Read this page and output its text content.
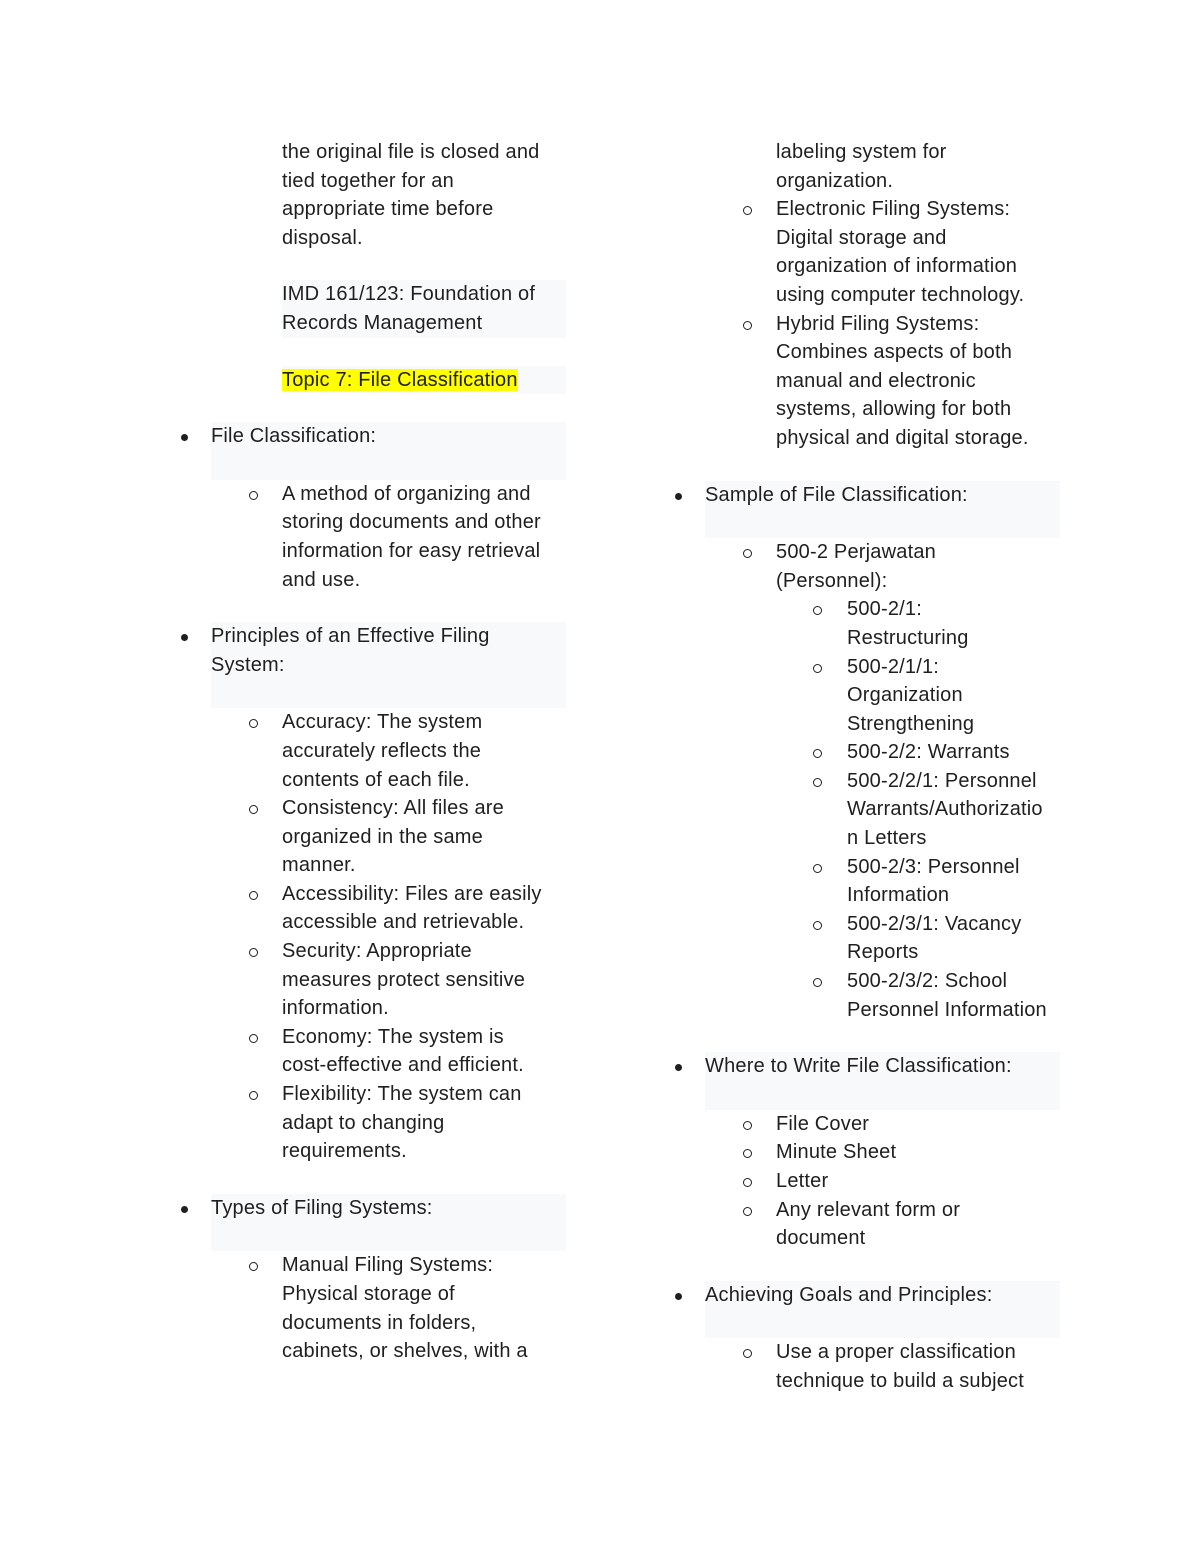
the original file is closed and
tied together for an
appropriate time before
disposal.
IMD 161/123: Foundation of
Records Management
Topic 7: File Classification
File Classification:
A method of organizing and
storing documents and other
information for easy retrieval
and use.
Principles of an Effective Filing
System:
Accuracy: The system
accurately reflects the
contents of each file.
Consistency: All files are
organized in the same
manner.
Accessibility: Files are easily
accessible and retrievable.
Security: Appropriate
measures protect sensitive
information.
Economy: The system is
cost-effective and efficient.
Flexibility: The system can
adapt to changing
requirements.
Types of Filing Systems:
Manual Filing Systems:
Physical storage of
documents in folders,
cabinets, or shelves, with a
labeling system for
organization.
Electronic Filing Systems:
Digital storage and
organization of information
using computer technology.
Hybrid Filing Systems:
Combines aspects of both
manual and electronic
systems, allowing for both
physical and digital storage.
Sample of File Classification:
500-2 Perjawatan
(Personnel):
500-2/1:
Restructuring
500-2/1/1:
Organization
Strengthening
500-2/2: Warrants
500-2/2/1: Personnel
Warrants/Authorizatio
n Letters
500-2/3: Personnel
Information
500-2/3/1: Vacancy
Reports
500-2/3/2: School
Personnel Information
Where to Write File Classification:
File Cover
Minute Sheet
Letter
Any relevant form or
document
Achieving Goals and Principles:
Use a proper classification
technique to build a subject
